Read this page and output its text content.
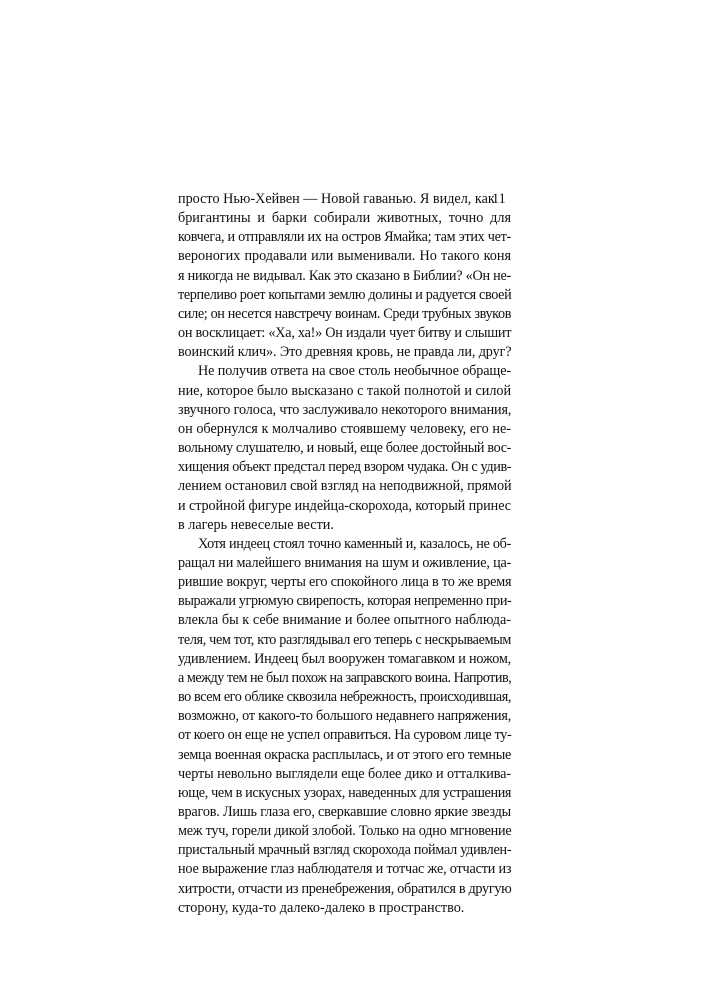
11

просто Нью-Хейвен — Новой гаванью. Я видел, как
бригантины и барки собирали животных, точно для
ковчега, и отправляли их на остров Ямайка; там этих чет-
вероногих продавали или выменивали. Но такого коня
я никогда не видывал. Как это сказано в Библии? «Он не-
терпеливо роет копытами землю долины и радуется своей
силе; он несется навстречу воинам. Среди трубных звуков
он восклицает: «Ха, ха!» Он издали чует битву и слышит
воинский клич». Это древняя кровь, не правда ли, друг?

Не получив ответа на свое столь необычное обраще-
ние, которое было высказано с такой полнотой и силой
звучного голоса, что заслуживало некоторого внимания,
он обернулся к молчаливо стоявшему человеку, его не-
вольному слушателю, и новый, еще более достойный вос-
хищения объект предстал перед взором чудака. Он с удив-
лением остановил свой взгляд на неподвижной, прямой
и стройной фигуре индейца-скорохода, который принес
в лагерь невеселые вести.

Хотя индеец стоял точно каменный и, казалось, не об-
ращал ни малейшего внимания на шум и оживление, ца-
рившие вокруг, черты его спокойного лица в то же время
выражали угрюмую свирепость, которая непременно при-
влекла бы к себе внимание и более опытного наблюда-
теля, чем тот, кто разглядывал его теперь с нескрываемым
удивлением. Индеец был вооружен томагавком и ножом,
а между тем не был похож на заправского воина. Напротив,
во всем его облике сквозила небрежность, происходившая,
возможно, от какого-то большого недавнего напряжения,
от коего он еще не успел оправиться. На суровом лице ту-
земца военная окраска расплылась, и от этого его темные
черты невольно выглядели еще более дико и отталкива-
юще, чем в искусных узорах, наведенных для устрашения
врагов. Лишь глаза его, сверкавшие словно яркие звезды
меж туч, горели дикой злобой. Только на одно мгновение
пристальный мрачный взгляд скорохода поймал удивлен-
ное выражение глаз наблюдателя и тотчас же, отчасти из
хитрости, отчасти из пренебрежения, обратился в другую
сторону, куда-то далеко-далеко в пространство.
